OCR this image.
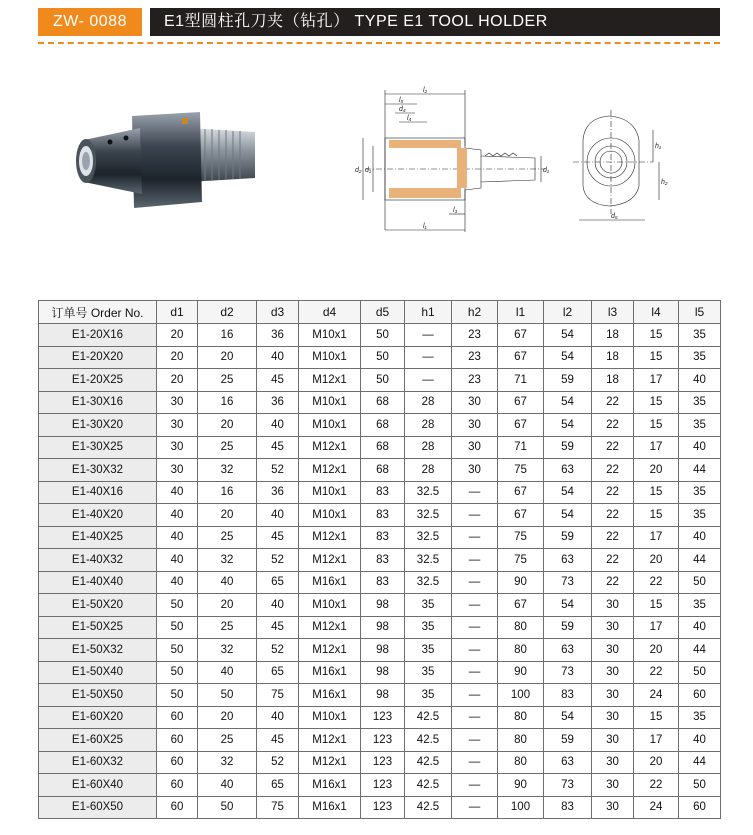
ZW- 0088	E1型圆柱孔刀夹（钻孔） TYPE E1 TOOL HOLDER
l₂
l₅
d₄
l₄
d₂ d₁	d₁
l₃
l₁
h₁
h₂
d₅
订单号 Order No.	d1	d2	d3	d4	d5	h1	h2	l1	l2	l3	l4	l5
E1-20X16	20	16	36	M10x1	50	—	23	67	54	18	15	35
E1-20X20	20	20	40	M10x1	50	—	23	67	54	18	15	35
E1-20X25	20	25	45	M12x1	50	—	23	71	59	18	17	40
E1-30X16	30	16	36	M10x1	68	28	30	67	54	22	15	35
E1-30X20	30	20	40	M10x1	68	28	30	67	54	22	15	35
E1-30X25	30	25	45	M12x1	68	28	30	71	59	22	17	40
E1-30X32	30	32	52	M12x1	68	28	30	75	63	22	20	44
E1-40X16	40	16	36	M10x1	83	32.5	—	67	54	22	15	35
E1-40X20	40	20	40	M10x1	83	32.5	—	67	54	22	15	35
E1-40X25	40	25	45	M12x1	83	32.5	—	75	59	22	17	40
E1-40X32	40	32	52	M12x1	83	32.5	—	75	63	22	20	44
E1-40X40	40	40	65	M16x1	83	32.5	—	90	73	22	22	50
E1-50X20	50	20	40	M10x1	98	35	—	67	54	30	15	35
E1-50X25	50	25	45	M12x1	98	35	—	80	59	30	17	40
E1-50X32	50	32	52	M12x1	98	35	—	80	63	30	20	44
E1-50X40	50	40	65	M16x1	98	35	—	90	73	30	22	50
E1-50X50	50	50	75	M16x1	98	35	—	100	83	30	24	60
E1-60X20	60	20	40	M10x1	123	42.5	—	80	54	30	15	35
E1-60X25	60	25	45	M12x1	123	42.5	—	80	59	30	17	40
E1-60X32	60	32	52	M12x1	123	42.5	—	80	63	30	20	44
E1-60X40	60	40	65	M16x1	123	42.5	—	90	73	30	22	50
E1-60X50	60	50	75	M16x1	123	42.5	—	100	83	30	24	60
